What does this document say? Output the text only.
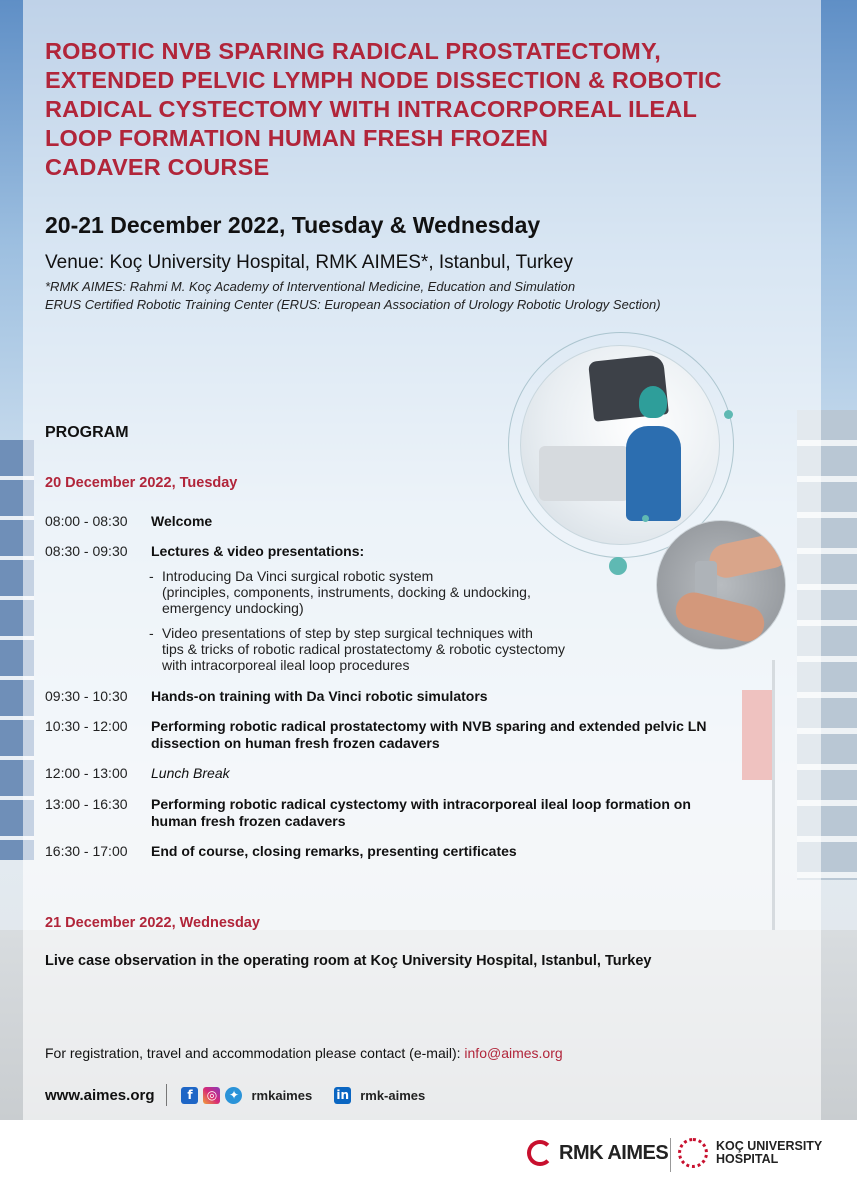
ROBOTIC NVB SPARING RADICAL PROSTATECTOMY,
EXTENDED PELVIC LYMPH NODE DISSECTION & ROBOTIC
RADICAL CYSTECTOMY WITH INTRACORPOREAL ILEAL
LOOP FORMATION HUMAN FRESH FROZEN
CADAVER COURSE
20-21 December 2022, Tuesday & Wednesday
Venue: Koç University Hospital, RMK AIMES*, Istanbul, Turkey
*RMK AIMES: Rahmi M. Koç Academy of Interventional Medicine, Education and Simulation
ERUS Certified Robotic Training Center (ERUS: European Association of Urology Robotic Urology Section)
PROGRAM
20 December 2022, Tuesday
08:00 - 08:30	Welcome
08:30 - 09:30	Lectures & video presentations:
- Introducing Da Vinci surgical robotic system
(principles, components, instruments, docking & undocking,
emergency undocking)
- Video presentations of step by step surgical techniques with
tips & tricks of robotic radical prostatectomy & robotic cystectomy
with intracorporeal ileal loop procedures
09:30 - 10:30	Hands-on training with Da Vinci robotic simulators
10:30 - 12:00	Performing robotic radical prostatectomy with NVB sparing and extended pelvic LN
dissection on human fresh frozen cadavers
12:00 - 13:00	Lunch Break
13:00 - 16:30	Performing robotic radical cystectomy with intracorporeal ileal loop formation on
human fresh frozen cadavers
16:30 - 17:00	End of course, closing remarks, presenting certificates
21 December 2022, Wednesday
Live case observation in the operating room at Koç University Hospital, Istanbul, Turkey
For registration, travel and accommodation please contact (e-mail): info@aimes.org
www.aimes.org	f	◎ ✦ rmkaimes in rmk-aimes
RMK AIMES	KOÇ UNIVERSITY
HOSPITAL
